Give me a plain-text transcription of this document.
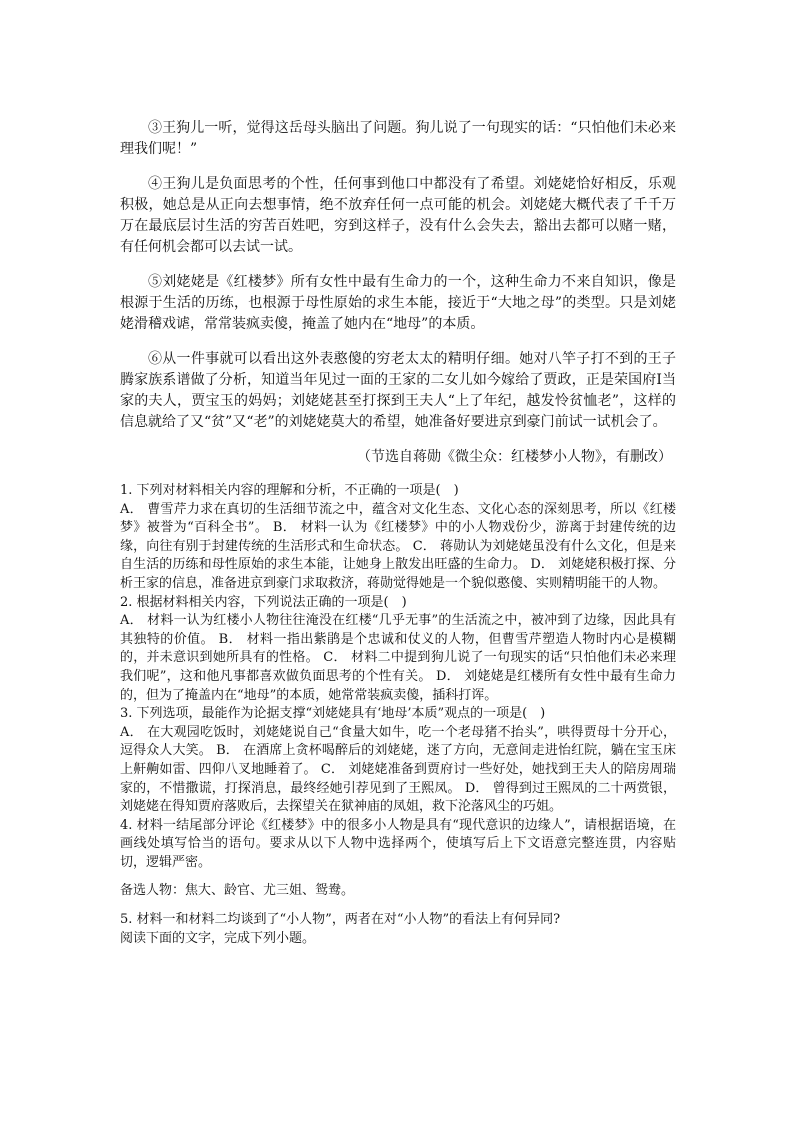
③王狗儿一听，觉得这岳母头脑出了问题。狗儿说了一句现实的话：“只怕他们未必来理我们呢！”

④王狗儿是负面思考的个性，任何事到他口中都没有了希望。刘姥姥恰好相反，乐观积极，她总是从正向去想事情，绝不放弃任何一点可能的机会。刘姥姥大概代表了千千万万在最底层讨生活的穷苦百姓吧，穷到这样子，没有什么会失去，豁出去都可以赌一赌，有任何机会都可以去试一试。

⑤刘姥姥是《红楼梦》所有女性中最有生命力的一个，这种生命力不来自知识，像是根源于生活的历练，也根源于母性原始的求生本能，接近于“大地之母”的类型。只是刘姥姥滑稽戏谑，常常装疯卖傻，掩盖了她内在“地母”的本质。

⑥从一件事就可以看出这外表憨傻的穷老太太的精明仔细。她对八竿子打不到的王子腾家族系谱做了分析，知道当年见过一面的王家的二女儿如今嫁给了贾政，正是荣国府Ⅰ当家的夫人，贾宝玉的妈妈；刘姥姥甚至打探到王夫人“上了年纪，越发怜贫恤老”，这样的信息就给了又“贫”又“老”的刘姥姥莫大的希望，她准备好要进京到豪门前试一试机会了。

（节选自蒋勋《微尘众：红楼梦小人物》，有删改）

1. 下列对材料相关内容的理解和分析，不正确的一项是(　)

A． 曹雪芹力求在真切的生活细节流之中，蕴含对文化生态、文化心态的深刻思考，所以《红楼梦》被誉为“百科全书”。 B． 材料一认为《红楼梦》中的小人物戏份少，游离于封建传统的边缘，向往有别于封建传统的生活形式和生命状态。 C． 蒋勋认为刘姥姥虽没有什么文化，但是来自生活的历练和母性原始的求生本能，让她身上散发出旺盛的生命力。 D． 刘姥姥积极打探、分析王家的信息，准备进京到豪门求取救济，蒋勋觉得她是一个貌似憨傻、实则精明能干的人物。

2. 根据材料相关内容，下列说法正确的一项是(　)

A． 材料一认为红楼小人物往往淹没在红楼“几乎无事”的生活流之中，被冲到了边缘，因此具有其独特的价值。 B． 材料一指出紫鹃是个忠诚和仗义的人物，但曹雪芹塑造人物时内心是模糊的，并未意识到她所具有的性格。 C． 材料二中提到狗儿说了一句现实的话“只怕他们未必来理我们呢”，这和他凡事都喜欢做负面思考的个性有关。 D． 刘姥姥是红楼所有女性中最有生命力的，但为了掩盖内在“地母”的本质，她常常装疯卖傻，插科打诨。

3. 下列选项，最能作为论据支撑“刘姥姥具有‘地母’本质”观点的一项是(　)

A． 在大观园吃饭时，刘姥姥说自己“食量大如牛，吃一个老母猪不抬头”，哄得贾母十分开心，逗得众人大笑。 B． 在酒席上贪杯喝醉后的刘姥姥，迷了方向，无意间走进怡红院，躺在宝玉床上鼾齁如雷、四仰八叉地睡着了。 C． 刘姥姥准备到贾府讨一些好处，她找到王夫人的陪房周瑞家的，不惜撒谎，打探消息，最终经她引荐见到了王熙凤。 D． 曾得到过王熙凤的二十两赏银，刘姥姥在得知贾府落败后，去探望关在狱神庙的凤姐，救下沦落风尘的巧姐。

4. 材料一结尾部分评论《红楼梦》中的很多小人物是具有“现代意识的边缘人”，请根据语境，在画线处填写恰当的语句。要求从以下人物中选择两个，使填写后上下文语意完整连贯，内容贴切，逻辑严密。

备选人物：焦大、龄官、尤三姐、鸳鸯。

5. 材料一和材料二均谈到了“小人物”，两者在对“小人物”的看法上有何异同?

阅读下面的文字，完成下列小题。
